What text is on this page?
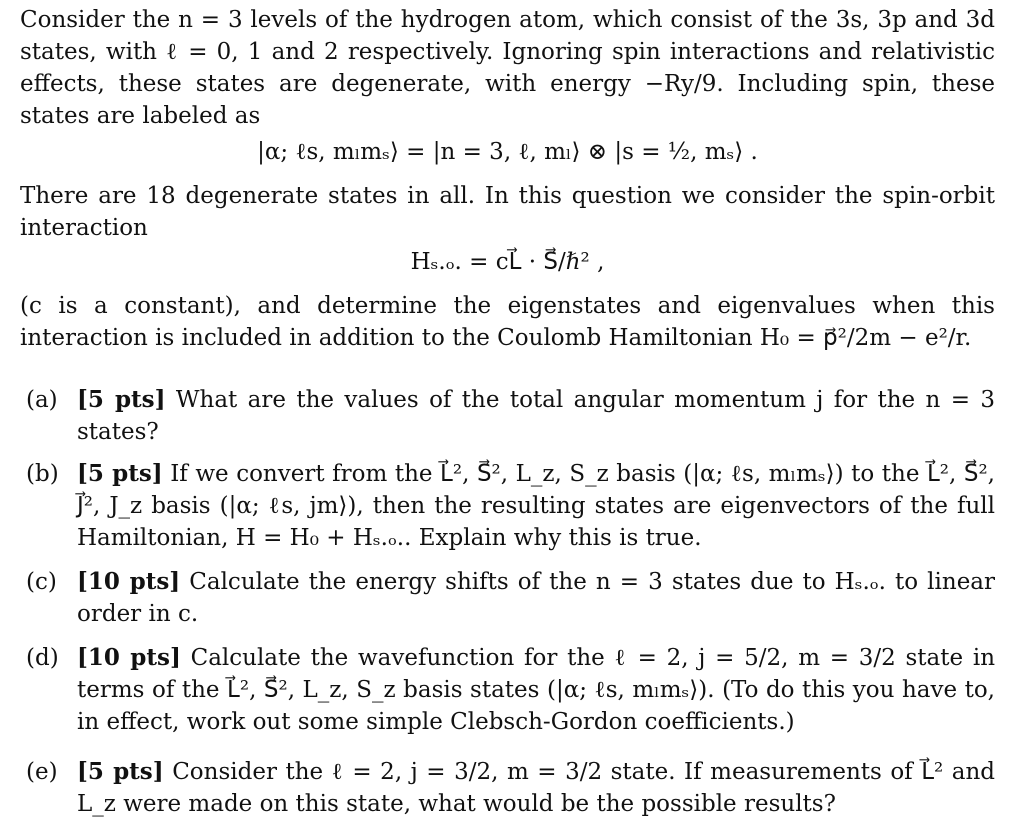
Consider the n = 3 levels of the hydrogen atom, which consist of the 3s, 3p and 3d states, with ℓ = 0, 1 and 2 respectively. Ignoring spin interactions and relativistic effects, these states are degenerate, with energy −Ry/9. Including spin, these states are labeled as
|α; ℓs, mₗmₛ⟩ = |n = 3, ℓ, mₗ⟩ ⊗ |s = ½, mₛ⟩ .
There are 18 degenerate states in all. In this question we consider the spin-orbit interaction
Hₛ.ₒ. = cL⃗ · S⃗/ℏ² ,
(c is a constant), and determine the eigenstates and eigenvalues when this interaction is included in addition to the Coulomb Hamiltonian H₀ = p⃗²/2m − e²/r.
(a) [5 pts] What are the values of the total angular momentum j for the n = 3 states?
(b) [5 pts] If we convert from the L⃗², S⃗², L_z, S_z basis (|α; ℓs, mₗmₛ⟩) to the L⃗², S⃗², J⃗², J_z basis (|α; ℓs, jm⟩), then the resulting states are eigenvectors of the full Hamiltonian, H = H₀ + Hₛ.ₒ.. Explain why this is true.
(c) [10 pts] Calculate the energy shifts of the n = 3 states due to Hₛ.ₒ. to linear order in c.
(d) [10 pts] Calculate the wavefunction for the ℓ = 2, j = 5/2, m = 3/2 state in terms of the L⃗², S⃗², L_z, S_z basis states (|α; ℓs, mₗmₛ⟩). (To do this you have to, in effect, work out some simple Clebsch-Gordon coefficients.)
(e) [5 pts] Consider the ℓ = 2, j = 3/2, m = 3/2 state. If measurements of L⃗² and L_z were made on this state, what would be the possible results?
